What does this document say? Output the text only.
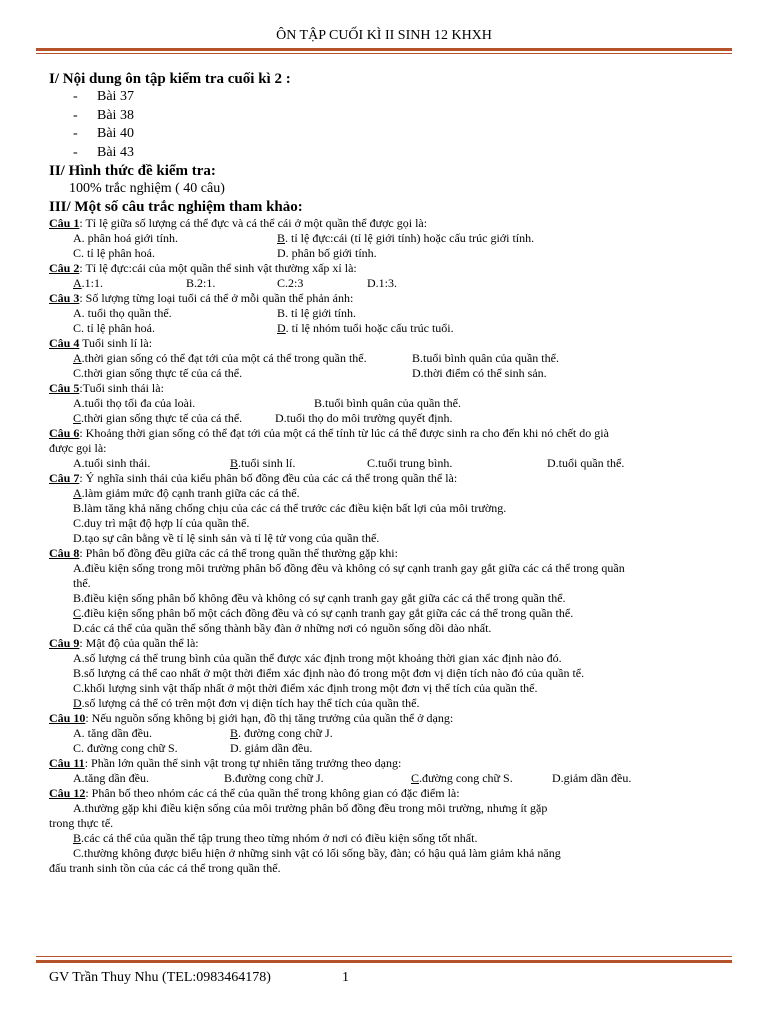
ÔN TẬP CUỐI KÌ II SINH 12 KHXH
I/ Nội dung ôn tập kiểm tra cuối kì 2 :
- Bài 37
- Bài 38
- Bài 40
- Bài 43
II/ Hình thức đề kiểm tra:
100% trắc nghiệm ( 40 câu)
III/ Một số câu trắc nghiệm tham khảo:
Câu 1: Tỉ lệ giữa số lượng cá thể đực và cá thể cái ở một quần thể được gọi là:
A. phân hoá giới tính.	B. tỉ lệ đực:cái (tỉ lệ giới tính) hoặc cấu trúc giới tính.
C. tỉ lệ phân hoá.	D. phân bố giới tính.
Câu 2: Tỉ lệ đực:cái của một quần thể sinh vật thường xấp xỉ là:
A.1:1.	B.2:1.	C.2:3	D.1:3.
Câu 3: Số lượng từng loại tuổi cá thể ở mỗi quần thể phản ánh:
A. tuổi thọ quần thể.	B. tỉ lệ giới tính.
C. tỉ lệ phân hoá.	D. tỉ lệ nhóm tuổi hoặc cấu trúc tuổi.
Câu 4 Tuổi sinh lí là:
A.thời gian sống có thể đạt tới của một cá thể trong quần thể.	B.tuổi bình quân của quần thể.
C.thời gian sống thực tế của cá thể.	D.thời điểm có thể sinh sản.
Câu 5:Tuổi sinh thái là:
A.tuổi thọ tối đa của loài.	B.tuổi bình quân của quần thể.
C.thời gian sống thực tế của cá thể.	D.tuổi thọ do môi trường quyết định.
Câu 6: Khoảng thời gian sống có thể đạt tới của một cá thể tính từ lúc cá thể được sinh ra cho đến khi nó chết do già
được gọi là:
A.tuổi sinh thái.	B.tuổi sinh lí.	C.tuổi trung bình.	D.tuổi quần thể.
Câu 7: Ý nghĩa sinh thái của kiểu phân bố đồng đều của các cá thể trong quần thể là:
A.làm giảm mức độ cạnh tranh giữa các cá thể.
B.làm tăng khả năng chống chịu của các cá thể trước các điều kiện bất lợi của môi trường.
C.duy trì mật độ hợp lí của quần thể.
D.tạo sự cân bằng về tỉ lệ sinh sản và tỉ lệ tử vong của quần thể.
Câu 8: Phân bố đồng đều giữa các cá thể trong quần thể thường gặp khi:
A.điều kiện sống trong môi trường phân bố đồng đều và không có sự cạnh tranh gay gắt giữa các cá thể trong quần
thể.
B.điều kiện sống phân bố không đều và không có sự cạnh tranh gay gắt giữa các cá thể trong quần thể.
C.điều kiện sống phân bố một cách đồng đều và có sự cạnh tranh gay gắt giữa các cá thể trong quần thể.
D.các cá thể của quần thể sống thành bầy đàn ở những nơi có nguồn sống dồi dào nhất.
Câu 9: Mật độ của quần thể là:
A.số lượng cá thể trung bình của quần thể được xác định trong một khoảng thời gian xác định nào đó.
B.số lượng cá thể cao nhất ở một thời điểm xác định nào đó trong một đơn vị diện tích nào đó của quần tể.
C.khối lượng sinh vật thấp nhất ở một thời điểm xác định trong một đơn vị thể tích của quần thể.
D.số lượng cá thể có trên một đơn vị diện tích hay thể tích của quần thể.
Câu 10: Nếu nguồn sống không bị giới hạn, đồ thị tăng trưởng của quần thể ở dạng:
A. tăng dần đều.	B. đường cong chữ J.
C. đường cong chữ S.	D. giảm dần đều.
Câu 11: Phần lớn quần thể sinh vật trong tự nhiên tăng trưởng theo dạng:
A.tăng dần đều.	B.đường cong chữ J.	C.đường cong chữ S.	D.giảm dần đều.
Câu 12: Phân bố theo nhóm các cá thể của quần thể trong không gian có đặc điểm là:
A.thường gặp khi điều kiện sống của môi trường phân bố đồng đều trong môi trường, nhưng ít gặp
trong thực tế.
B.các cá thể của quần thể tập trung theo từng nhóm ở nơi có điều kiện sống tốt nhất.
C.thường không được biểu hiện ở những sinh vật có lối sống bầy, đàn; có hậu quả làm giảm khả năng
đấu tranh sinh tồn của các cá thể trong quần thể.
GV Trần Thuy Nhu (TEL:0983464178)	1
